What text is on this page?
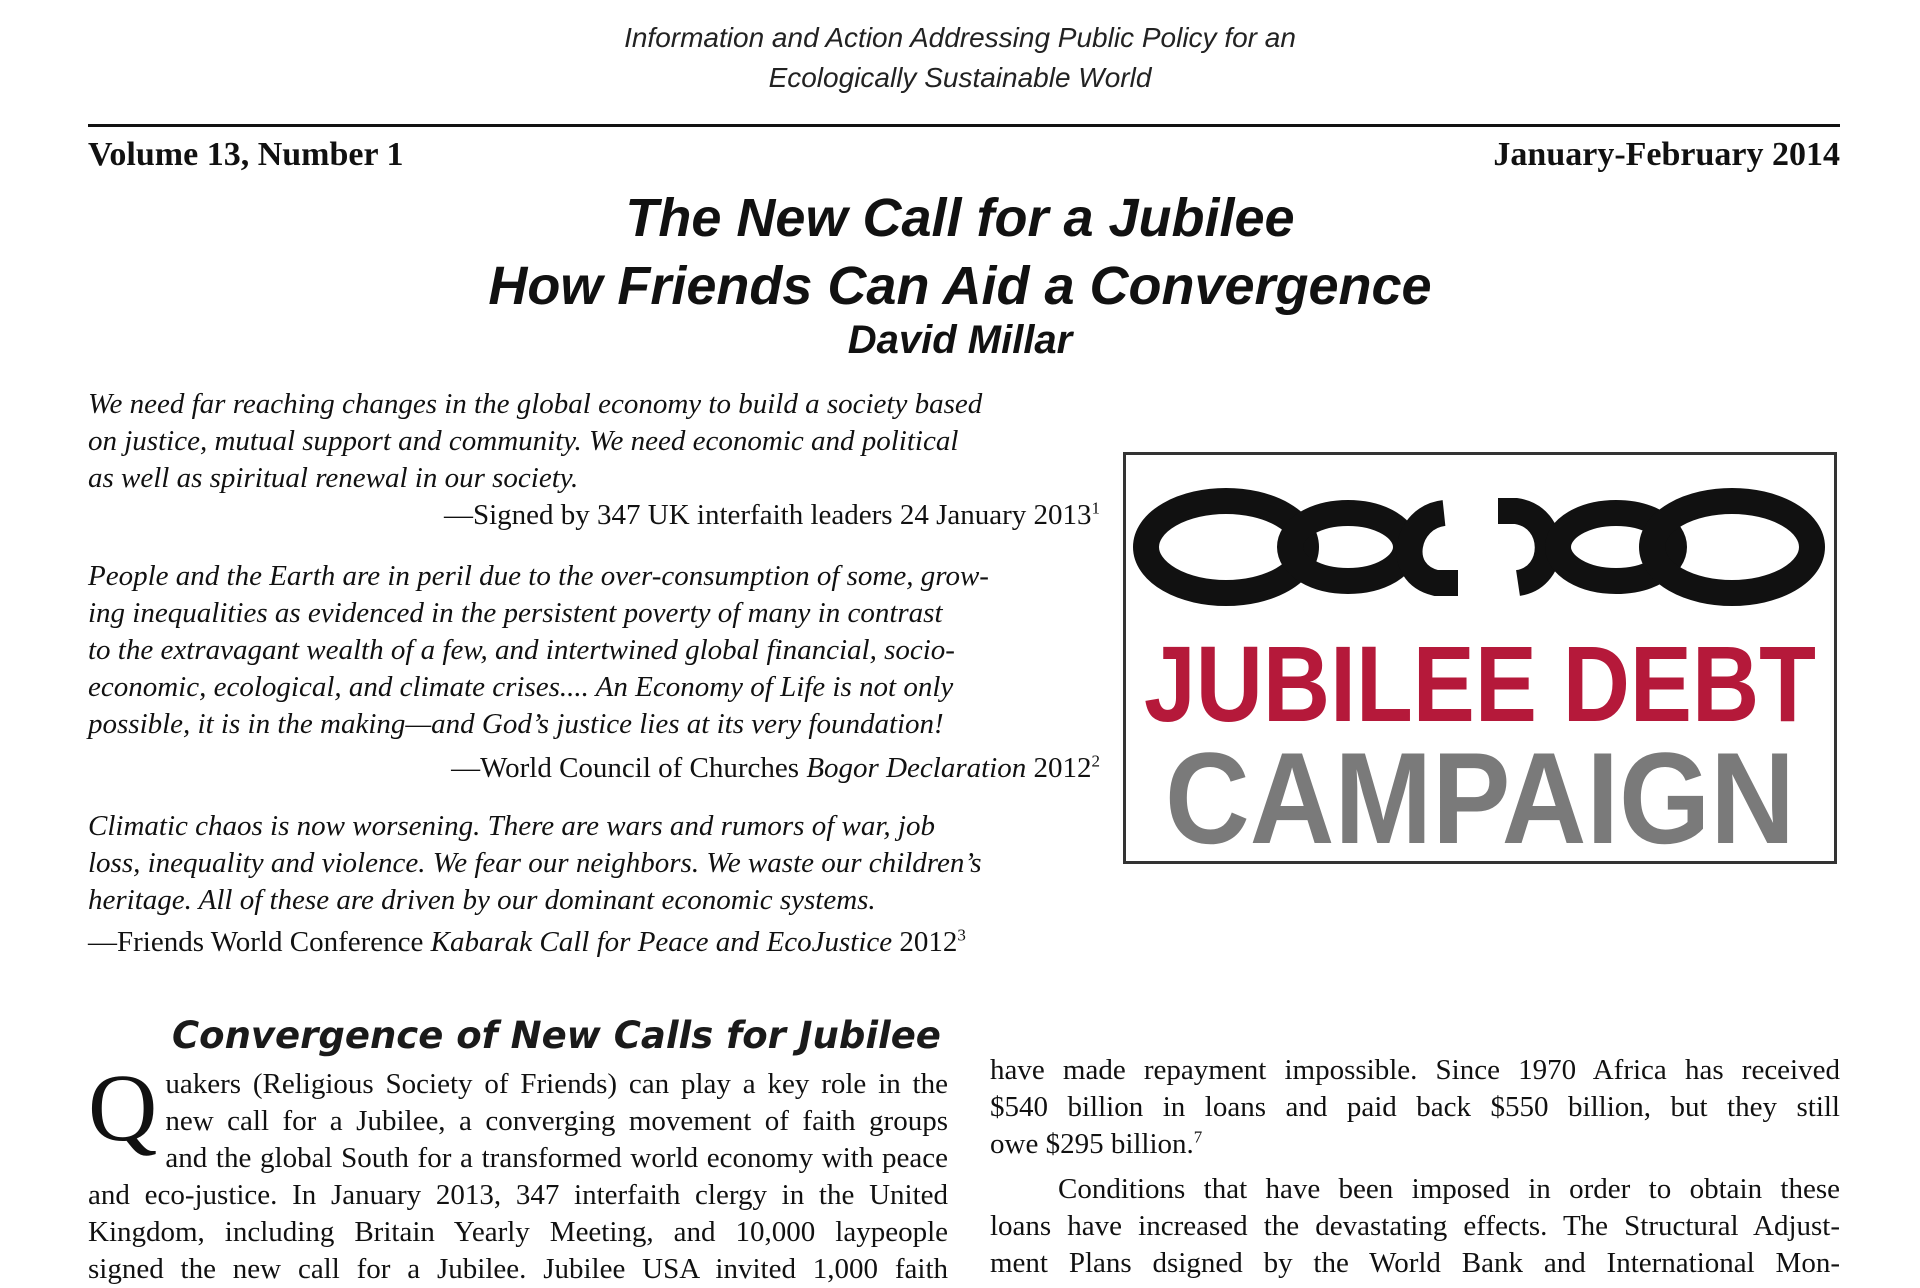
Information and Action Addressing Public Policy for an
Ecologically Sustainable World
Volume 13, Number 1	January-February 2014
The New Call for a Jubilee
How Friends Can Aid a Convergence
David Millar
We need far reaching changes in the global economy to build a society based
on justice, mutual support and community. We need economic and political
as well as spiritual renewal in our society.
—Signed by 347 UK interfaith leaders 24 January 2013$^1$
People and the Earth are in peril due to the over-consumption of some, grow-
ing inequalities as evidenced in the persistent poverty of many in contrast
to the extravagant wealth of a few, and intertwined global financial, socio-
economic, ecological, and climate crises.... An Economy of Life is not only
possible, it is in the making—and God’s justice lies at its very foundation!
—World Council of Churches Bogor Declaration 2012$^2$
Climatic chaos is now worsening. There are wars and rumors of war, job
loss, inequality and violence. We fear our neighbors. We waste our children’s
heritage. All of these are driven by our dominant economic systems.
—Friends World Conference Kabarak Call for Peace and EcoJustice 2012$^3$
JUBILEE DEBT
CAMPAIGN
Convergence of New Calls for Jubilee
Q uakers (Religious Society of Friends) can play a key role in the
new call for a Jubilee, a converging movement of faith groups
and the global South for a transformed world economy with peace
and eco-justice. In January 2013, 347 interfaith clergy in the United
Kingdom, including Britain Yearly Meeting, and 10,000 laypeople
signed the new call for a Jubilee. Jubilee USA invited 1,000 faith
have made repayment impossible. Since 1970 Africa has received
$540 billion in loans and paid back $550 billion, but they still
owe $295 billion.$^7$
Conditions that have been imposed in order to obtain these
loans have increased the devastating effects. The Structural Adjust-
ment Plans dsigned by the World Bank and International Mon-
